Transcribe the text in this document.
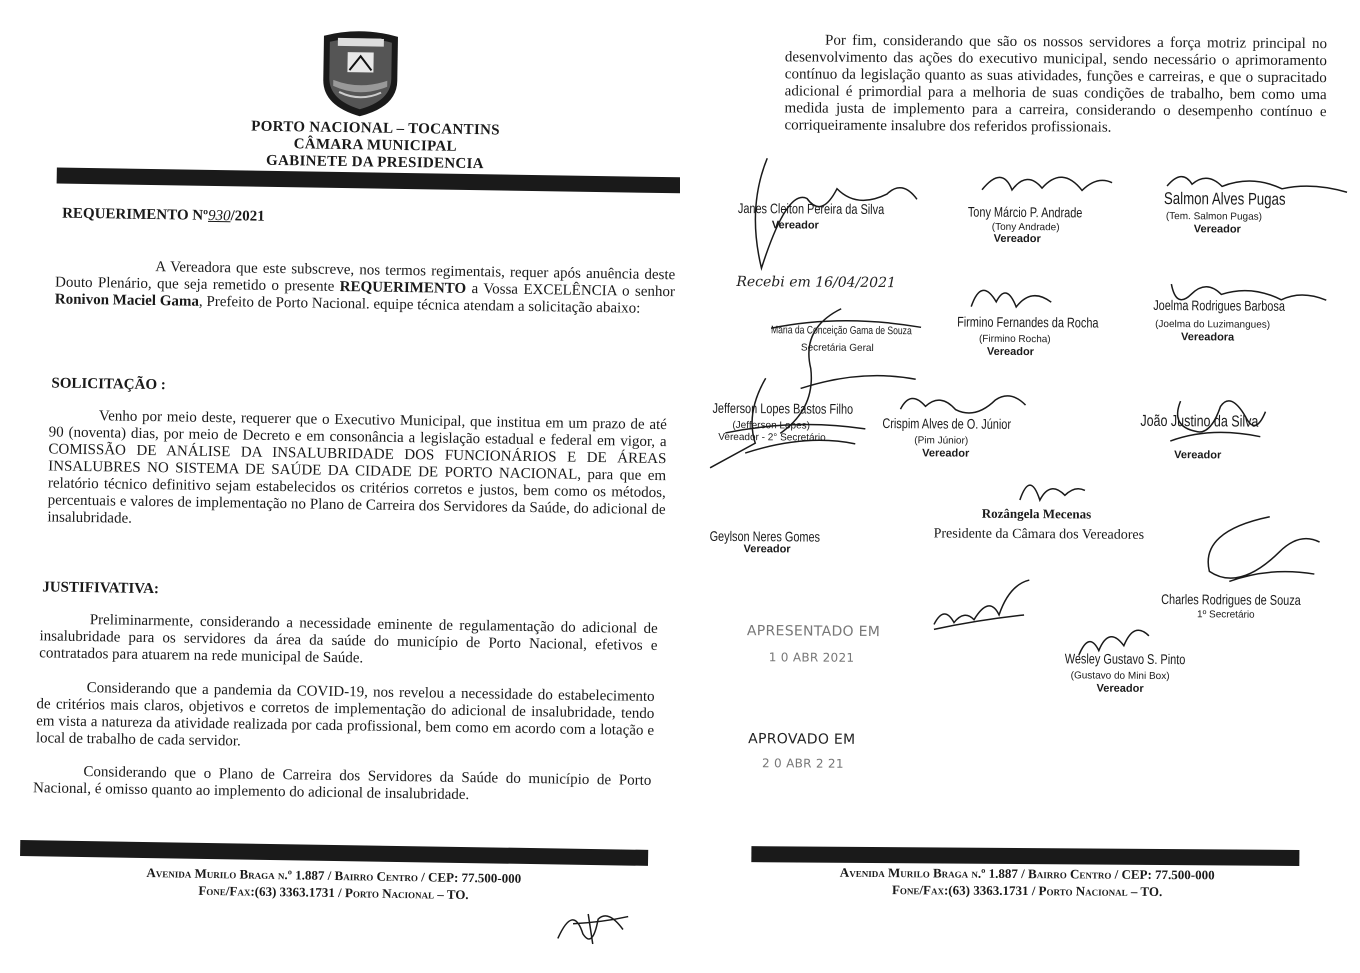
PORTO NACIONAL – TOCANTINS
CÂMARA MUNICIPAL
GABINETE DA PRESIDENCIA
REQUERIMENTO Nº930/2021
A Vereadora que este subscreve, nos termos regimentais, requer após anuência deste Douto Plenário, que seja remetido o presente REQUERIMENTO a Vossa EXCELÊNCIA o senhor Ronivon Maciel Gama, Prefeito de Porto Nacional. equipe técnica atendam a solicitação abaixo:
SOLICITAÇÃO :
Venho por meio deste, requerer que o Executivo Municipal, que institua em um prazo de até 90 (noventa) dias, por meio de Decreto e em consonância a legislação estadual e federal em vigor, a COMISSÃO DE ANÁLISE DA INSALUBRIDADE DOS FUNCIONÁRIOS E DE ÁREAS INSALUBRES NO SISTEMA DE SAÚDE DA CIDADE DE PORTO NACIONAL, para que em relatório técnico definitivo sejam estabelecidos os critérios corretos e justos, bem como os métodos, percentuais e valores de implementação no Plano de Carreira dos Servidores da Saúde, do adicional de insalubridade.
JUSTIFIVATIVA:
Preliminarmente, considerando a necessidade eminente de regulamentação do adicional de insalubridade para os servidores da área da saúde do município de Porto Nacional, efetivos e contratados para atuarem na rede municipal de Saúde.
Considerando que a pandemia da COVID-19, nos revelou a necessidade do estabelecimento de critérios mais claros, objetivos e corretos de implementação do adicional de insalubridade, tendo em vista a natureza da atividade realizada por cada profissional, bem como em acordo com a lotação e local de trabalho de cada servidor.
Considerando que o Plano de Carreira dos Servidores da Saúde do município de Porto Nacional, é omisso quanto ao implemento do adicional de insalubridade.
Avenida Murilo Braga n.º 1.887 / Bairro Centro / CEP: 77.500-000
Fone/Fax:(63) 3363.1731 / Porto Nacional – TO.
Por fim, considerando que são os nossos servidores a força motriz principal no desenvolvimento das ações do executivo municipal, sendo necessário o aprimoramento contínuo da legislação quanto as suas atividades, funções e carreiras, e que o supracitado adicional é primordial para a melhoria de suas condições de trabalho, bem como uma medida justa de implemento para a carreira, considerando o desempenho contínuo e corriqueiramente insalubre dos referidos profissionais.
Janes Cleiton Pereira da Silva
Vereador
Tony Márcio P. Andrade
(Tony Andrade)
Vereador
Salmon Alves Pugas
(Tem. Salmon Pugas)
Vereador
Recebi em 16/04/2021
Maria da Conceição Gama de Souza
Secretária Geral
Firmino Fernandes da Rocha
(Firmino Rocha)
Vereador
Joelma Rodrigues Barbosa
(Joelma do Luzimangues)
Vereadora
Jefferson Lopes Bastos Filho
(Jefferson Lopes)
Vereador - 2° Secretário
Crispim Alves de O. Júnior
(Pim Júnior)
Vereador
João Justino da Silva
Vereador
Geylson Neres Gomes
Vereador
Rozângela Mecenas
Presidente da Câmara dos Vereadores
Charles Rodrigues de Souza
1º Secretário
APRESENTADO EM
1 0 ABR 2021
APROVADO EM
2 0 ABR 2 21
Wesley Gustavo S. Pinto
(Gustavo do Mini Box)
Vereador
Avenida Murilo Braga n.º 1.887 / Bairro Centro / CEP: 77.500-000
Fone/Fax:(63) 3363.1731 / Porto Nacional – TO.
